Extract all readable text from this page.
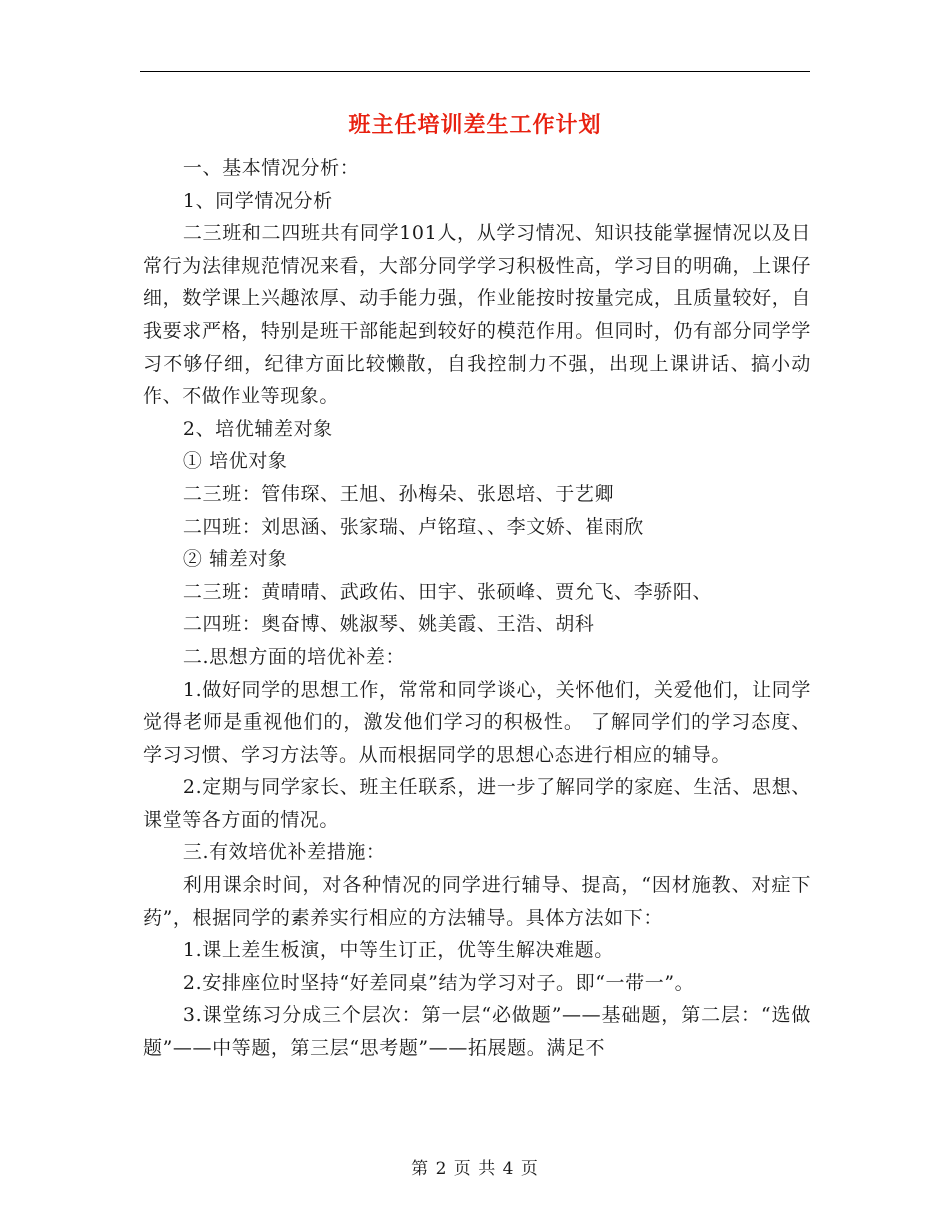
班主任培训差生工作计划

一、基本情况分析：

1、同学情况分析

二三班和二四班共有同学101人，从学习情况、知识技能掌握情况以及日常行为法律规范情况来看，大部分同学学习积极性高，学习目的明确，上课仔细，数学课上兴趣浓厚、动手能力强，作业能按时按量完成，且质量较好，自我要求严格，特别是班干部能起到较好的模范作用。但同时，仍有部分同学学习不够仔细，纪律方面比较懒散，自我控制力不强，出现上课讲话、搞小动作、不做作业等现象。

2、培优辅差对象

① 培优对象

二三班：管伟琛、王旭、孙梅朵、张恩培、于艺卿

二四班：刘思涵、张家瑞、卢铭瑄、、李文娇、崔雨欣

② 辅差对象

二三班：黄晴晴、武政佑、田宇、张硕峰、贾允飞、李骄阳、

二四班：奥奋博、姚淑琴、姚美霞、王浩、胡科

二.思想方面的培优补差：

1.做好同学的思想工作，常常和同学谈心，关怀他们，关爱他们，让同学觉得老师是重视他们的，激发他们学习的积极性。 了解同学们的学习态度、学习习惯、学习方法等。从而根据同学的思想心态进行相应的辅导。

2.定期与同学家长、班主任联系，进一步了解同学的家庭、生活、思想、课堂等各方面的情况。

三.有效培优补差措施：

利用课余时间，对各种情况的同学进行辅导、提高，“因材施教、对症下药”，根据同学的素养实行相应的方法辅导。具体方法如下：

1.课上差生板演，中等生订正，优等生解决难题。

2.安排座位时坚持“好差同桌”结为学习对子。即“一带一”。

3.课堂练习分成三个层次：第一层“必做题”——基础题，第二层：“选做题”——中等题，第三层“思考题”——拓展题。满足不

第 2 页 共 4 页
